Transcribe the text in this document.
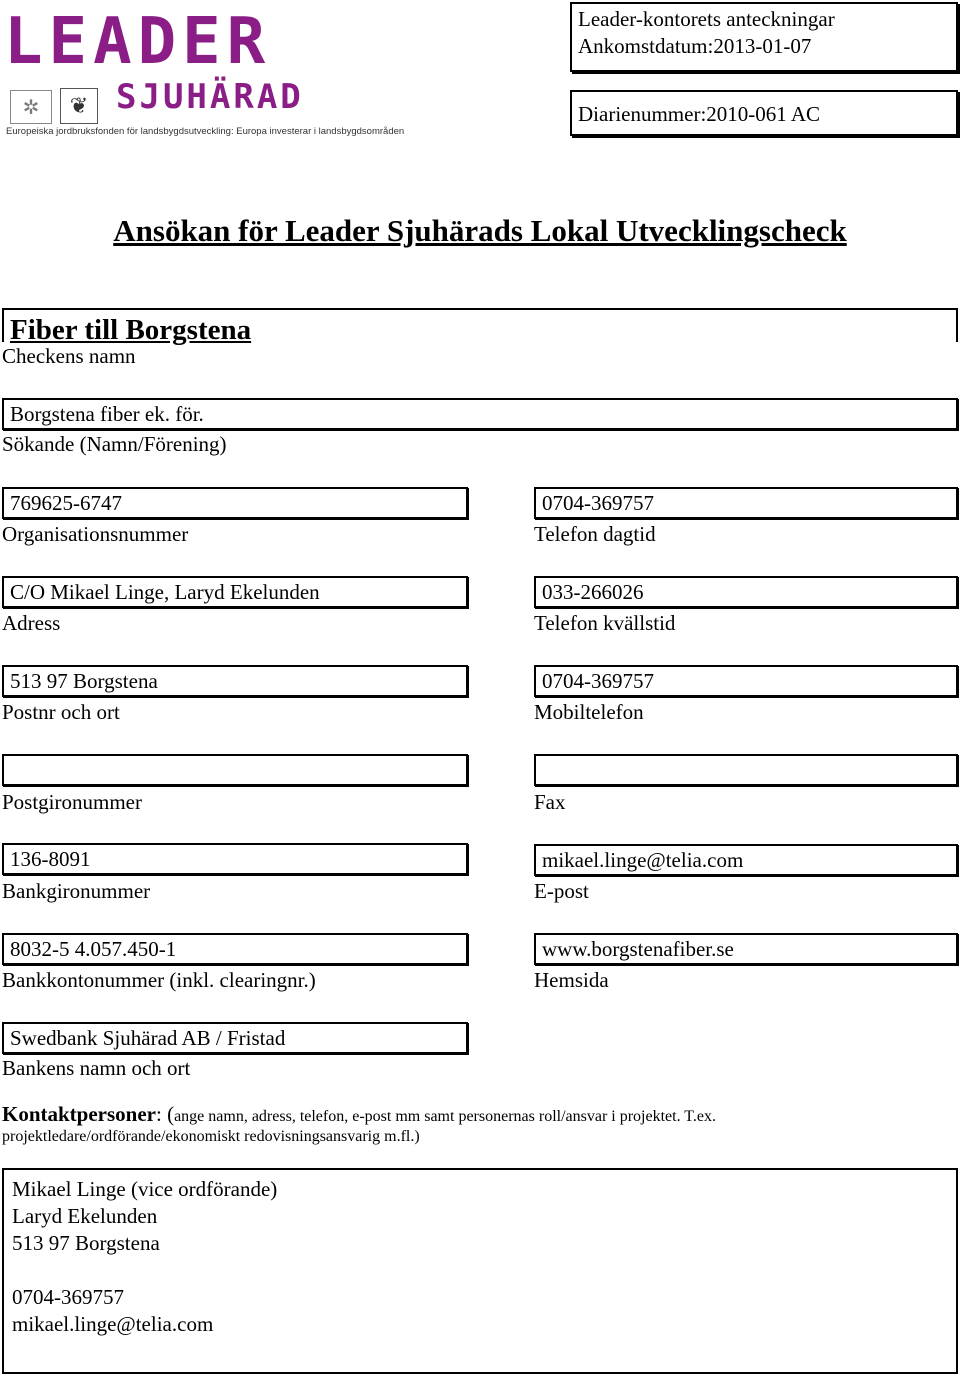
LEADER
✲	❦ SJUHÄRAD
Europeiska jordbruksfonden för landsbygdsutveckling: Europa investerar i landsbygdsområden
Leader-kontorets anteckningar
Ankomstdatum:2013-01-07
Diarienummer:2010-061 AC
Ansökan för Leader Sjuhärads Lokal Utvecklingscheck
Fiber till Borgstena
Checkens namn
Borgstena fiber ek. för.
Sökande (Namn/Förening)
769625-6747
Organisationsnummer
0704-369757
Telefon dagtid
C/O Mikael Linge, Laryd Ekelunden
Adress
033-266026
Telefon kvällstid
513 97 Borgstena
Postnr och ort
0704-369757
Mobiltelefon
Postgironummer	Fax
136-8091
Bankgironummer
mikael.linge@telia.com
E-post
8032-5 4.057.450-1
Bankkontonummer (inkl. clearingnr.)
www.borgstenafiber.se
Hemsida
Swedbank Sjuhärad AB / Fristad
Bankens namn och ort
Kontaktpersoner: (ange namn, adress, telefon, e-post mm samt personernas roll/ansvar i projektet. T.ex.
projektledare/ordförande/ekonomiskt redovisningsansvarig m.fl.)
Mikael Linge (vice ordförande)
Laryd Ekelunden
513 97 Borgstena
0704-369757
mikael.linge@telia.com
